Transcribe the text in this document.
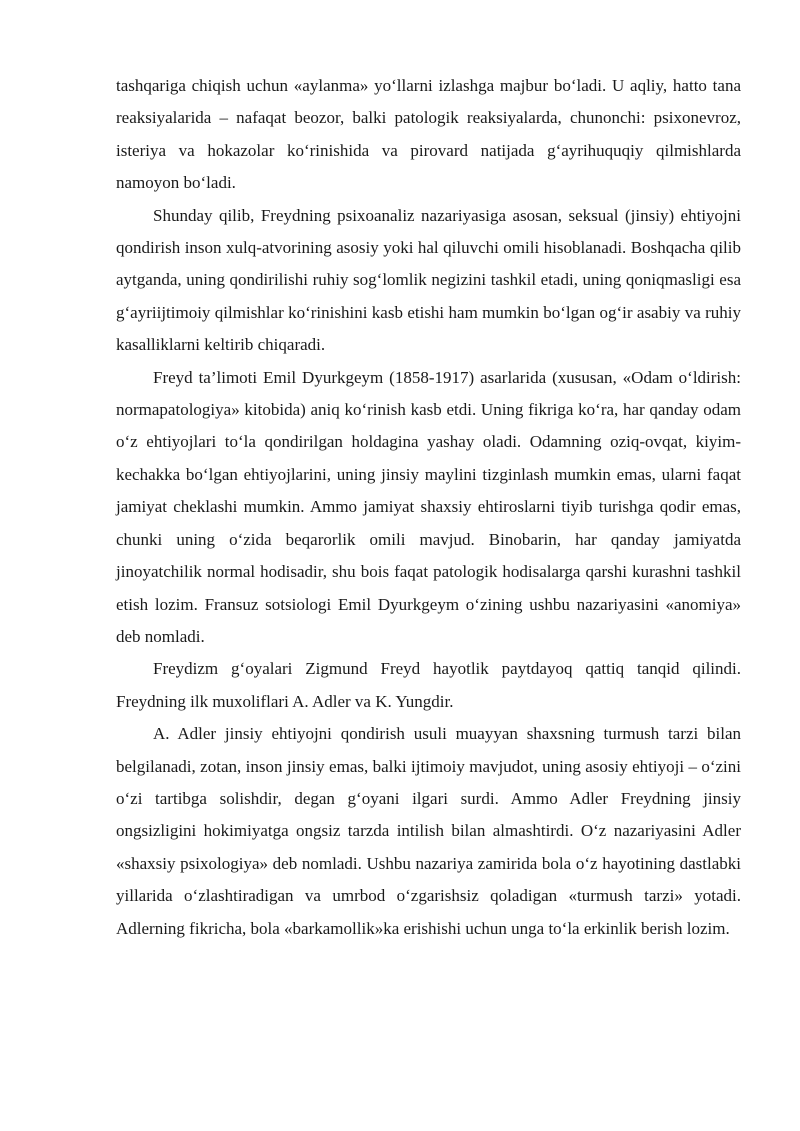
tashqariga chiqish uchun «aylanma» yo‘llarni izlashga majbur bo‘ladi. U aqliy, hatto tana reaksiyalarida – nafaqat beozor, balki patologik reaksiyalarda, chunonchi: psixonevroz, isteriya va hokazolar ko‘rinishida va pirovard natijada g‘ayrihuquqiy qilmishlarda namoyon bo‘ladi.

Shunday qilib, Freydning psixoanaliz nazariyasiga asosan, seksual (jinsiy) ehtiyojni qondirish inson xulq-atvorining asosiy yoki hal qiluvchi omili hisoblanadi. Boshqacha qilib aytganda, uning qondirilishi ruhiy sog‘lomlik negizini tashkil etadi, uning qoniqmasligi esa g‘ayriijtimoiy qilmishlar ko‘rinishini kasb etishi ham mumkin bo‘lgan og‘ir asabiy va ruhiy kasalliklarni keltirib chiqaradi.

Freyd ta’limoti Emil Dyurkgeym (1858-1917) asarlarida (xususan, «Odam o‘ldirish: normapatologiya» kitobida) aniq ko‘rinish kasb etdi. Uning fikriga ko‘ra, har qanday odam o‘z ehtiyojlari to‘la qondirilgan holdagina yashay oladi. Odamning oziq-ovqat, kiyim-kechakka bo‘lgan ehtiyojlarini, uning jinsiy maylini tizginlash mumkin emas, ularni faqat jamiyat cheklashi mumkin. Ammo jamiyat shaxsiy ehtiroslarni tiyib turishga qodir emas, chunki uning o‘zida beqarorlik omili mavjud. Binobarin, har qanday jamiyatda jinoyatchilik normal hodisadir, shu bois faqat patologik hodisalarga qarshi kurashni tashkil etish lozim. Fransuz sotsiologi Emil Dyurkgeym o‘zining ushbu nazariyasini «anomiya» deb nomladi.

Freydizm g‘oyalari Zigmund Freyd hayotlik paytdayoq qattiq tanqid qilindi. Freydning ilk muxoliflari A. Adler va K. Yungdir.

A. Adler jinsiy ehtiyojni qondirish usuli muayyan shaxsning turmush tarzi bilan belgilanadi, zotan, inson jinsiy emas, balki ijtimoiy mavjudot, uning asosiy ehtiyoji – o‘zini o‘zi tartibga solishdir, degan g‘oyani ilgari surdi. Ammo Adler Freydning jinsiy ongsizligini hokimiyatga ongsiz tarzda intilish bilan almashtirdi. O‘z nazariyasini Adler «shaxsiy psixologiya» deb nomladi. Ushbu nazariya zamirida bola o‘z hayotining dastlabki yillarida o‘zlashtiradigan va umrbod o‘zgarishsiz qoladigan «turmush tarzi» yotadi. Adlerning fikricha, bola «barkamollik»ka erishishi uchun unga to‘la erkinlik berish lozim.
